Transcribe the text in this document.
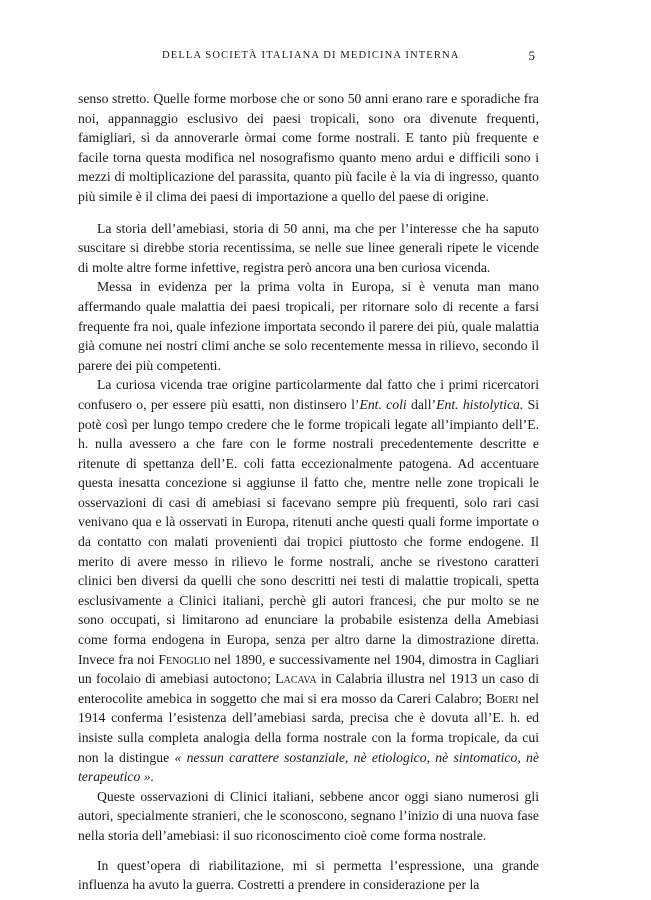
DELLA SOCIETÀ ITALIANA DI MEDICINA INTERNA	5

senso stretto. Quelle forme morbose che or sono 50 anni erano rare e sporadiche fra noi, appannaggio esclusivo dei paesi tropicali, sono ora divenute frequenti, famigliari, sì da annoverarle òrmai come forme nostrali. E tanto più frequente e facile torna questa modifica nel nosografismo quanto meno ardui e difficili sono i mezzi di moltiplicazione del parassita, quanto più facile è la via di ingresso, quanto più simile è il clima dei paesi di importazione a quello del paese di origine.

La storia dell’amebiasi, storia di 50 anni, ma che per l’interesse che ha saputo suscitare si direbbe storia recentissima, se nelle sue linee generali ripete le vicende di molte altre forme infettive, registra però ancora una ben curiosa vicenda.

Messa in evidenza per la prima volta in Europa, si è venuta man mano affermando quale malattia dei paesi tropicali, per ritornare solo di recente a farsi frequente fra noi, quale infezione importata secondo il parere dei più, quale malattia già comune nei nostri climi anche se solo recentemente messa in rilievo, secondo il parere dei più competenti.

La curiosa vicenda trae origine particolarmente dal fatto che i primi ricercatori confusero o, per essere più esatti, non distinsero l’Ent. coli dall’Ent. histolytica. Si potè così per lungo tempo credere che le forme tropicali legate all’impianto dell’E. h. nulla avessero a che fare con le forme nostrali precedentemente descritte e ritenute di spettanza dell’E. coli fatta eccezionalmente patogena. Ad accentuare questa inesatta concezione si aggiunse il fatto che, mentre nelle zone tropicali le osservazioni di casi di amebiasi si facevano sempre più frequenti, solo rari casi venivano qua e là osservati in Europa, ritenuti anche questi quali forme importate o da contatto con malati provenienti dai tropici piuttosto che forme endogene. Il merito di avere messo in rilievo le forme nostrali, anche se rivestono caratteri clinici ben diversi da quelli che sono descritti nei testi di malattie tropicali, spetta esclusivamente a Clinici italiani, perchè gli autori francesi, che pur molto se ne sono occupati, si limitarono ad enunciare la probabile esistenza della Amebiasi come forma endogena in Europa, senza per altro darne la dimostrazione diretta. Invece fra noi Fenoglio nel 1890, e successivamente nel 1904, dimostra in Cagliari un focolaio di amebiasi autoctono; Lacava in Calabria illustra nel 1913 un caso di enterocolite amebica in soggetto che mai si era mosso da Careri Calabro; Boeri nel 1914 conferma l’esistenza dell’amebiasi sarda, precisa che è dovuta all’E. h. ed insiste sulla completa analogia della forma nostrale con la forma tropicale, da cui non la distingue « nessun carattere sostanziale, nè etiologico, nè sintomatico, nè terapeutico ».

Queste osservazioni di Clinici italiani, sebbene ancor oggi siano numerosi gli autori, specialmente stranieri, che le sconoscono, segnano l’inizio di una nuova fase nella storia dell’amebiasi: il suo riconoscimento cioè come forma nostrale.

In quest’opera di riabilitazione, mi si permetta l’espressione, una grande influenza ha avuto la guerra. Costretti a prendere in considerazione per la
